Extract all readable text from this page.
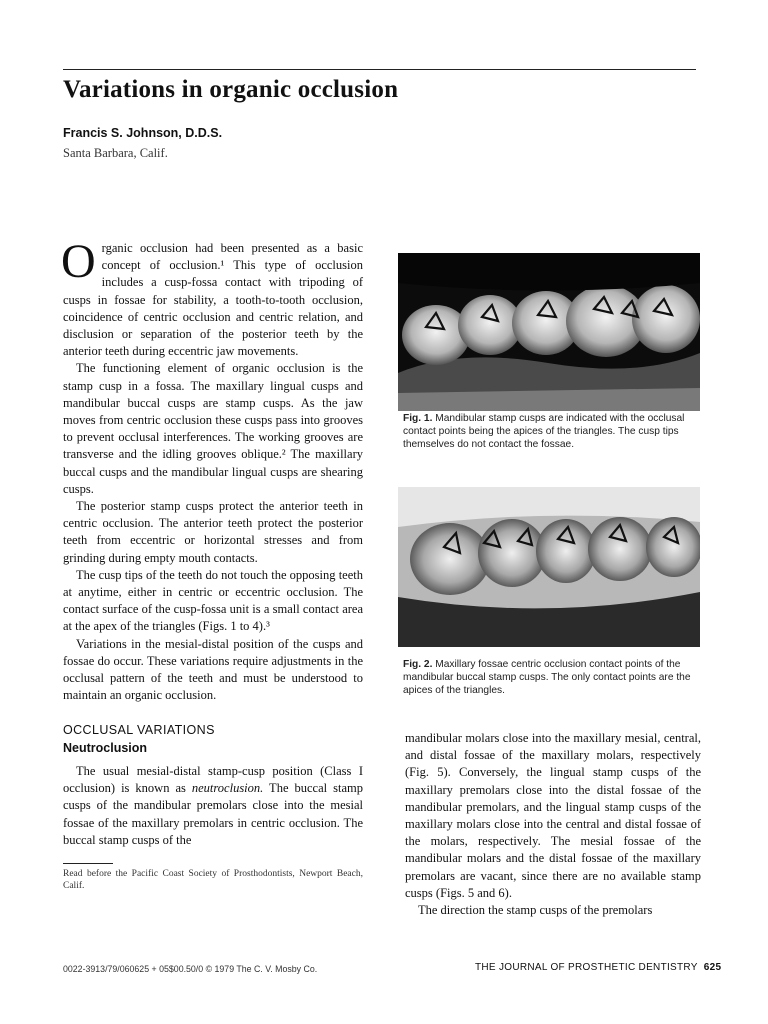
Variations in organic occlusion
Francis S. Johnson, D.D.S.
Santa Barbara, Calif.

Organic occlusion had been presented as a basic concept of occlusion.¹ This type of occlusion includes a cusp-fossa contact with tripoding of cusps in fossae for stability, a tooth-to-tooth occlusion, coincidence of centric occlusion and centric relation, and disclusion or separation of the posterior teeth by the anterior teeth during eccentric jaw movements.

The functioning element of organic occlusion is the stamp cusp in a fossa. The maxillary lingual cusps and mandibular buccal cusps are stamp cusps. As the jaw moves from centric occlusion these cusps pass into grooves to prevent occlusal interferences. The working grooves are transverse and the idling grooves oblique.² The maxillary buccal cusps and the mandibular lingual cusps are shearing cusps.

The posterior stamp cusps protect the anterior teeth in centric occlusion. The anterior teeth protect the posterior teeth from eccentric or horizontal stresses and from grinding during empty mouth contacts.

The cusp tips of the teeth do not touch the opposing teeth at anytime, either in centric or eccentric occlusion. The contact surface of the cusp-fossa unit is a small contact area at the apex of the triangles (Figs. 1 to 4).³

Variations in the mesial-distal position of the cusps and fossae do occur. These variations require adjustments in the occlusal pattern of the teeth and must be understood to maintain an organic occlusion.

OCCLUSAL VARIATIONS
Neutroclusion

The usual mesial-distal stamp-cusp position (Class I occlusion) is known as neutroclusion. The buccal stamp cusps of the mandibular premolars close into the mesial fossae of the maxillary premolars in centric occlusion. The buccal stamp cusps of the

Read before the Pacific Coast Society of Prosthodontists, Newport Beach, Calif.
Fig. 1. Mandibular stamp cusps are indicated with the occlusal contact points being the apices of the triangles. The cusp tips themselves do not contact the fossae.
Fig. 2. Maxillary fossae centric occlusion contact points of the mandibular buccal stamp cusps. The only contact points are the apices of the triangles.

mandibular molars close into the maxillary mesial, central, and distal fossae of the maxillary molars, respectively (Fig. 5). Conversely, the lingual stamp cusps of the maxillary premolars close into the distal fossae of the mandibular premolars, and the lingual stamp cusps of the maxillary molars close into the central and distal fossae of the molars, respectively. The mesial fossae of the mandibular molars and the distal fossae of the maxillary premolars are vacant, since there are no available stamp cusps (Figs. 5 and 6).

The direction the stamp cusps of the premolars

0022-3913/79/060625 + 05$00.50/0 © 1979 The C. V. Mosby Co.	THE JOURNAL OF PROSTHETIC DENTISTRY 625
